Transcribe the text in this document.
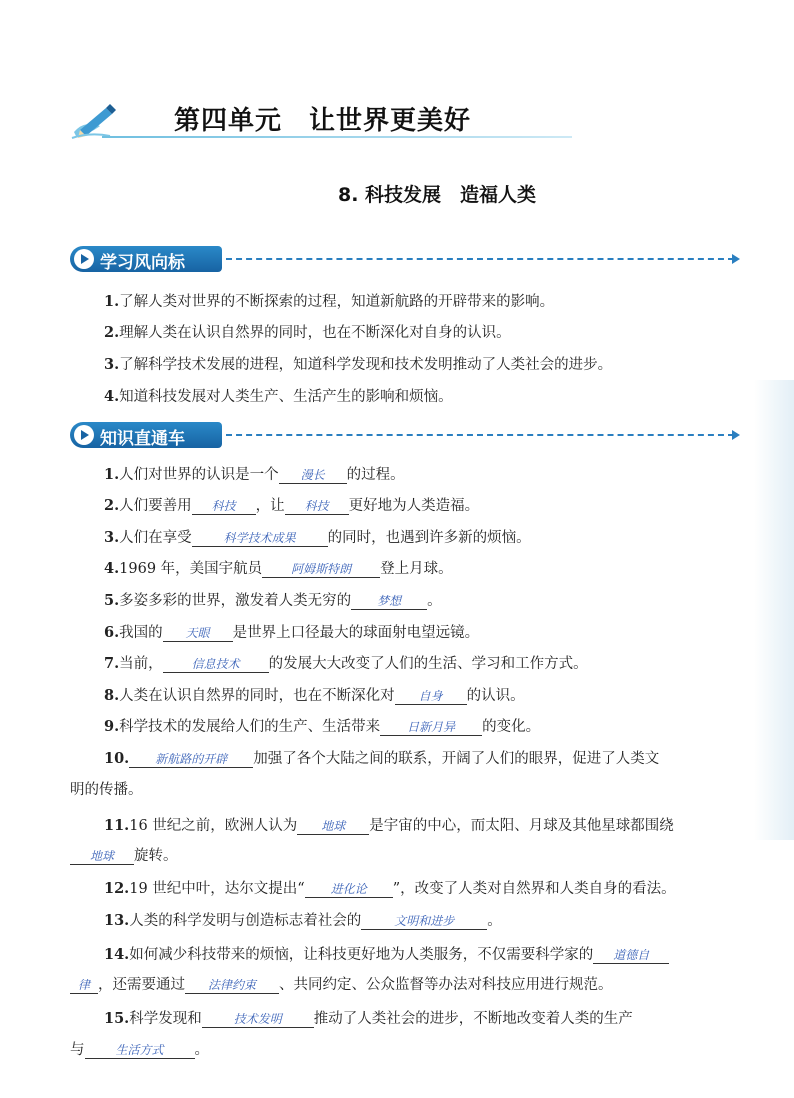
第四单元　让世界更美好
8. 科技发展　造福人类
学习风向标
1.了解人类对世界的不断探索的过程，知道新航路的开辟带来的影响。
2.理解人类在认识自然界的同时，也在不断深化对自身的认识。
3.了解科学技术发展的进程，知道科学发现和技术发明推动了人类社会的进步。
4.知道科技发展对人类生产、生活产生的影响和烦恼。
知识直通车
1.人们对世界的认识是一个 漫长 的过程。
2.人们要善用 科技 ，让 科技 更好地为人类造福。
3.人们在享受	科学技术成果 的同时，也遇到许多新的烦恼。
4.1969 年，美国宇航员 阿姆斯特朗 登上月球。
5.多姿多彩的世界，激发着人类无穷的 梦想 。
6.我国的 天眼 是世界上口径最大的球面射电望远镜。
7.当前， 信息技术 的发展大大改变了人们的生活、学习和工作方式。
8.人类在认识自然界的同时，也在不断深化对 自身 的认识。
9.科学技术的发展给人们的生产、生活带来 日新月异 的变化。
10. 新航路的开辟 加强了各个大陆之间的联系，开阔了人们的眼界，促进了人类文
明的传播。
11.16 世纪之前，欧洲人认为 地球 是宇宙的中心，而太阳、月球及其他星球都围绕
地球 旋转。
12.19 世纪中叶，达尔文提出“ 进化论 ”，改变了人类对自然界和人类自身的看法。
13.人类的科学发明与创造标志着社会的	文明和进步 。
14.如何减少科技带来的烦恼，让科技更好地为人类服务，不仅需要科学家的 道德自
律 ，还需要通过 法律约束 、共同约定、公众监督等办法对科技应用进行规范。
15.科学发现和	技术发明 推动了人类社会的进步，不断地改变着人类的生产
与	生活方式 。
